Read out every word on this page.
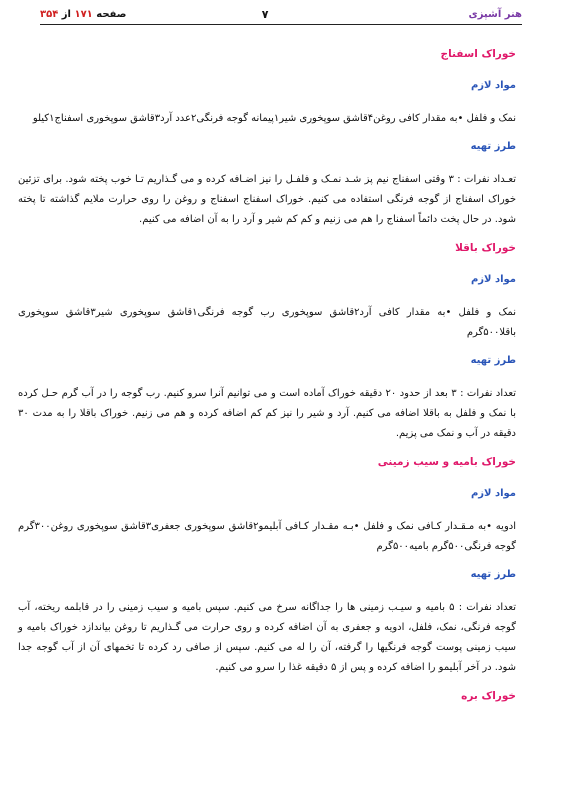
هنر آشپزی
۷
صفحه ۱۷۱ از ۳۵۴
خوراک اسفناج
مواد لازم
نمک و فلفل •به مقدار کافی روغن۴قاشق سوپخوری شیر۱پیمانه گوجه فرنگی۲عدد آرد۳قاشق سوپخوری اسفناج۱کیلو
طرز تهیه
تعـداد نفرات : ۳ وقتی اسفناج نیم پز شـد نمـک و فلفـل را نیز اضـافه کرده و می گـذاریم تـا خوب پخته شود. برای تزئین خوراک اسفناج از گوجه فرنگی استفاده می کنیم. خوراک اسفناج اسفناج و روغن را روی حرارت ملایم گذاشته تا پخته شود. در حال پخت دائماً اسفناج را هم می زنیم و کم کم شیر و آرد را به آن اضافه می کنیم.
خوراک باقلا
مواد لازم
نمک و فلفل •به مقدار کافی آرد۲قاشق سوپخوری رب گوجه فرنگی۱قاشق سوپخوری شیر۳قاشق سوپخوری باقلا۵۰۰گرم
طرز تهیه
تعداد نفرات : ۳ بعد از حدود ۲۰ دقیقه خوراک آماده است و می توانیم آنرا سرو کنیم. رب گوجه را در آب گرم حـل کرده با نمک و فلفل به باقلا اضافه می کنیم. آرد و شیر را نیز کم کم اضافه کرده و هم می زنیم. خوراک باقلا را به مدت ۳۰ دقیقه در آب و نمک می پزیم.
خوراک بامیه و سیب زمینی
مواد لازم
ادویه •به مـقـدار کـافی نمک و فلفل •بـه مقـدار کـافی آبلیمو۲قاشق سوپخوری جعفری۳قاشق سوپخوری روغن۳۰۰گرم گوجه فرنگی۵۰۰گرم بامیه۵۰۰گرم
طرز تهیه
تعداد نفرات : ۵ بامیه و سیـب زمینی ها را جداگانه سرخ می کنیم. سپس بامیه و سیب زمینی را در قابلمه ریخته، آب گوجه فرنگی، نمک، فلفل، ادویه و جعفری به آن اضافه کرده و روی حرارت می گـذاریم تا روغن بیاندازد خوراک بامیه و سیب زمینی پوست گوجه فرنگیها را گرفته، آن را له می کنیم. سپس از صافی رد کرده تا تخمهای آن از آب گوجه جدا شود. در آخر آبلیمو را اضافه کرده و پس از ۵ دقیقه غذا را سرو می کنیم.
خوراک بره
